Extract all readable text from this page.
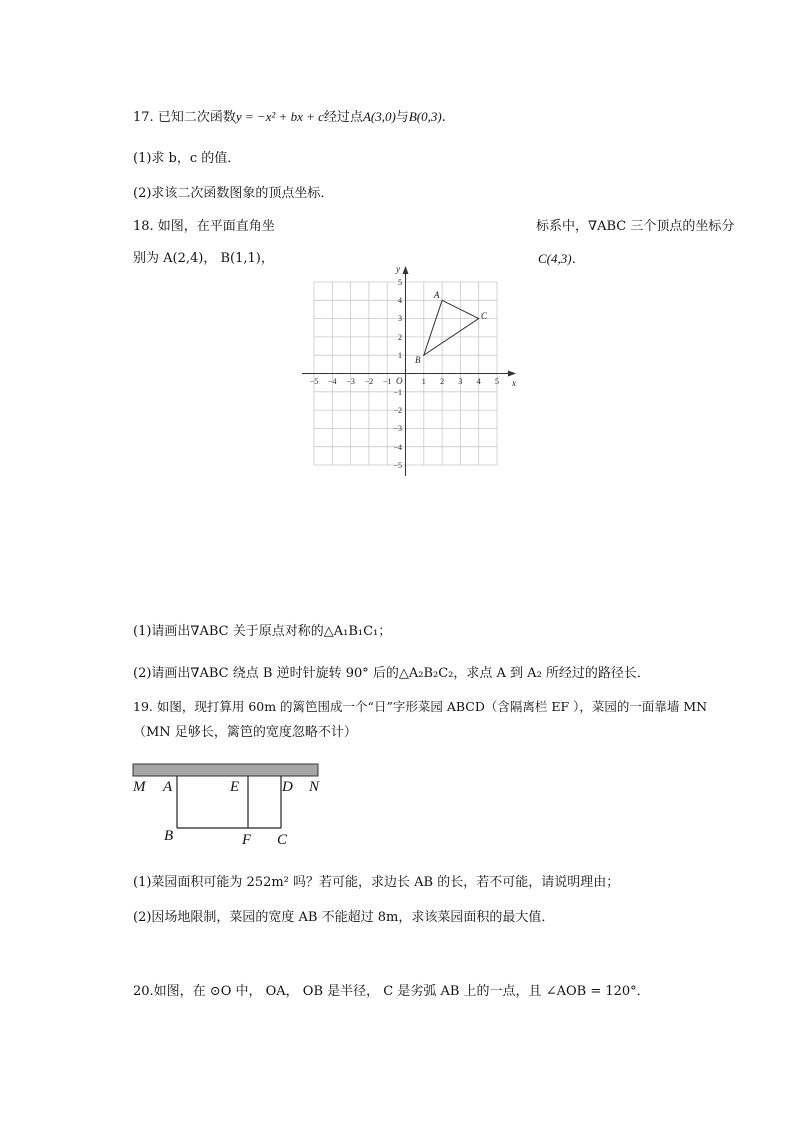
17. 已知二次函数y = −x² + bx + c经过点A(3,0)与B(0,3).
(1)求 b，c 的值．
(2)求该二次函数图象的顶点坐标．
18. 如图，在平面直角坐	标系中，∇ABC 三个顶点的坐标分
别为 A(2,4)， B(1,1)，	C(4,3)．
−5 −4 −3 −2 −1	1 2 3 4 5
5
4
3
2
1
−1
−2
−3
−4
−5
O	x
y
A
B
C
(1)请画出∇ABC 关于原点对称的△A₁B₁C₁；
(2)请画出∇ABC 绕点 B 逆时针旋转 90° 后的△A₂B₂C₂，求点 A 到 A₂ 所经过的路径长．
19. 如图，现打算用 60m 的篱笆围成一个“日”字形菜园 ABCD（含隔离栏 EF ），菜园的一面靠墙 MN
（MN 足够长，篱笆的宽度忽略不计）
M A	E	D N
B	F C
(1)菜园面积可能为 252m² 吗？若可能，求边长 AB 的长，若不可能，请说明理由；
(2)因场地限制，菜园的宽度 AB 不能超过 8m，求该菜园面积的最大值．
20.如图，在 ⊙O 中， OA， OB 是半径， C 是劣弧 AB 上的一点，且 ∠AOB = 120°．
